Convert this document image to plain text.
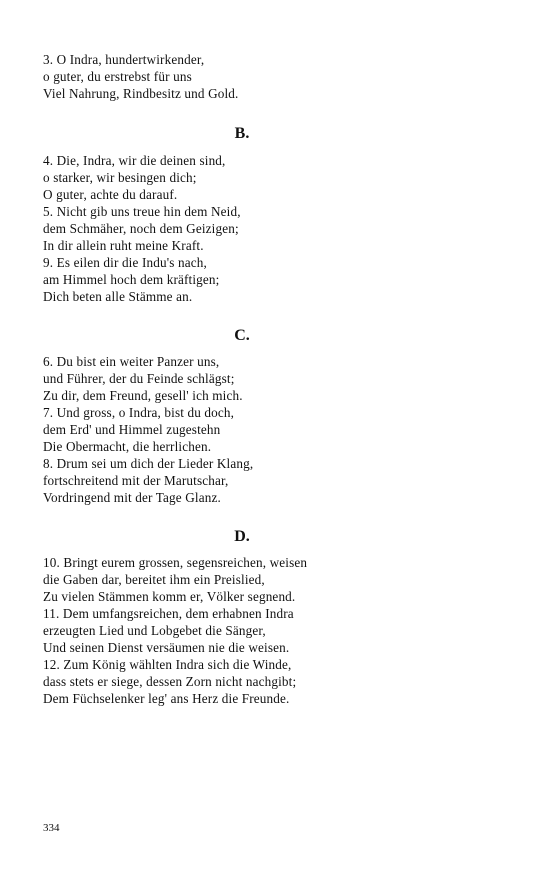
3. O Indra, hundertwirkender,
o guter, du erstrebst für uns
Viel Nahrung, Rindbesitz und Gold.
B.
4. Die, Indra, wir die deinen sind,
o starker, wir besingen dich;
O guter, achte du darauf.
5. Nicht gib uns treue hin dem Neid,
dem Schmäher, noch dem Geizigen;
In dir allein ruht meine Kraft.
9. Es eilen dir die Indu's nach,
am Himmel hoch dem kräftigen;
Dich beten alle Stämme an.
C.
6. Du bist ein weiter Panzer uns,
und Führer, der du Feinde schlägst;
Zu dir, dem Freund, gesell' ich mich.
7. Und gross, o Indra, bist du doch,
dem Erd' und Himmel zugestehn
Die Obermacht, die herrlichen.
8. Drum sei um dich der Lieder Klang,
fortschreitend mit der Marutschar,
Vordringend mit der Tage Glanz.
D.
10. Bringt eurem grossen, segensreichen, weisen
die Gaben dar, bereitet ihm ein Preislied,
Zu vielen Stämmen komm er, Völker segnend.
11. Dem umfangsreichen, dem erhabnen Indra
erzeugten Lied und Lobgebet die Sänger,
Und seinen Dienst versäumen nie die weisen.
12. Zum König wählten Indra sich die Winde,
dass stets er siege, dessen Zorn nicht nachgibt;
Dem Füchselenker leg' ans Herz die Freunde.
334
